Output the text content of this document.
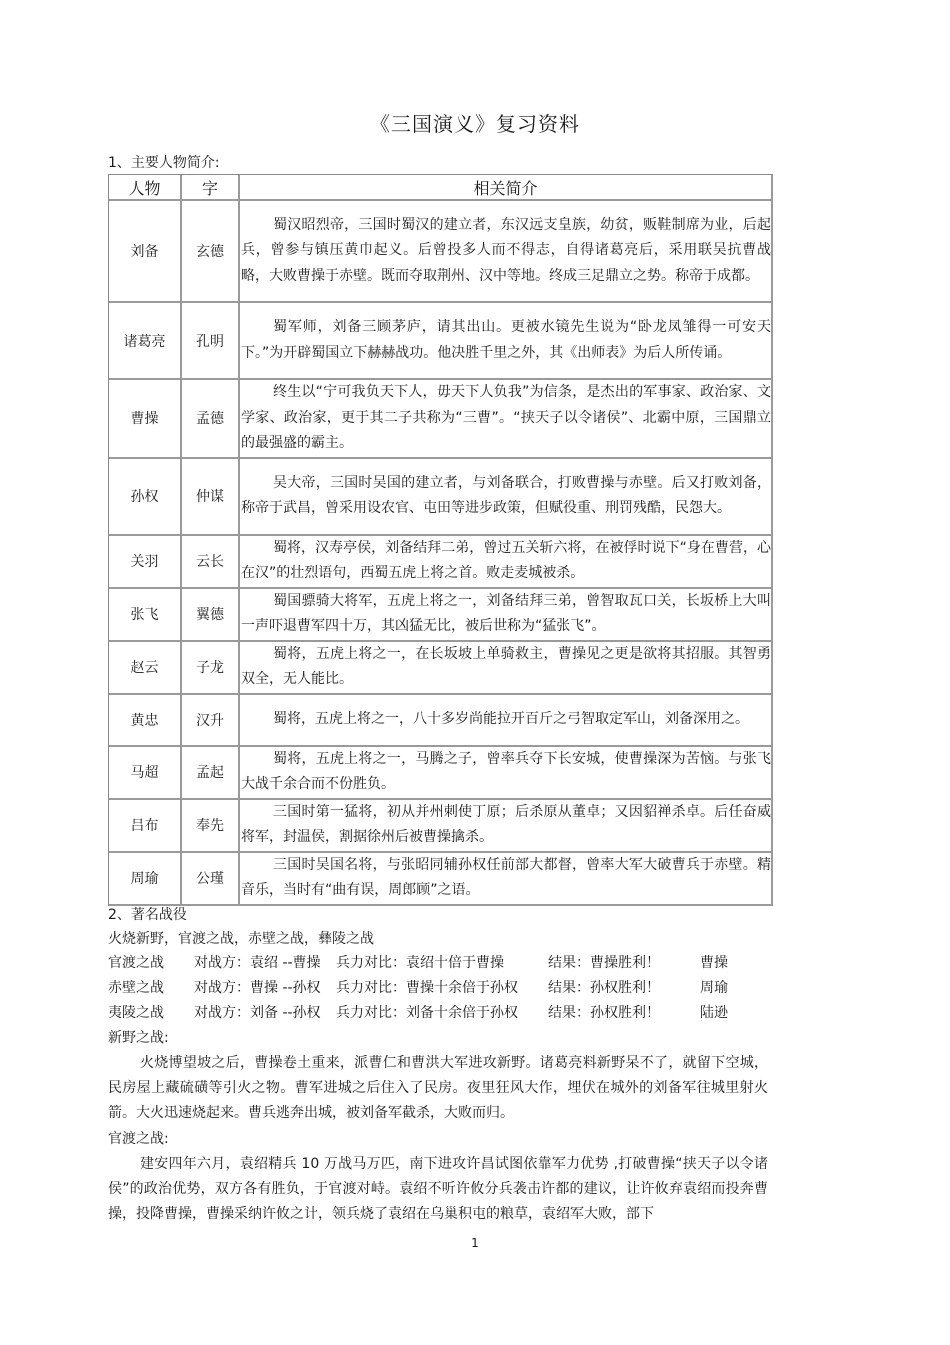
《三国演义》复习资料
1、主要人物简介:
人物	字	相关简介
刘备	玄德	蜀汉昭烈帝，三国时蜀汉的建立者，东汉远支皇族，幼贫，贩鞋制席为业，后起兵，曾参与镇压黄巾起义。后曾投多人而不得志，自得诸葛亮后，采用联吴抗曹战略，大败曹操于赤壁。既而夺取荆州、汉中等地。终成三足鼎立之势。称帝于成都。

诸葛亮	孔明	蜀军师，刘备三顾茅庐，请其出山。更被水镜先生说为“卧龙凤雏得一可安天下。”为开辟蜀国立下赫赫战功。他决胜千里之外，其《出师表》为后人所传诵。

曹操	孟德	终生以“宁可我负天下人，毋天下人负我”为信条，是杰出的军事家、政治家、文学家、政治家，更于其二子共称为“三曹”。“挟天子以令诸侯”、北霸中原，三国鼎立的最强盛的霸主。

孙权	仲谋	吴大帝，三国时吴国的建立者，与刘备联合，打败曹操与赤壁。后又打败刘备，称帝于武昌，曾采用设农官、屯田等进步政策，但赋役重、刑罚残酷，民怨大。

关羽	云长	蜀将，汉寿亭侯，刘备结拜二弟，曾过五关斩六将，在被俘时说下“身在曹营，心在汉”的壮烈语句，西蜀五虎上将之首。败走麦城被杀。

张飞	翼德	蜀国骠骑大将军，五虎上将之一，刘备结拜三弟，曾智取瓦口关，长坂桥上大叫一声吓退曹军四十万，其凶猛无比，被后世称为“猛张飞”。

赵云	子龙	蜀将，五虎上将之一，在长坂坡上单骑救主，曹操见之更是欲将其招服。其智勇双全，无人能比。

黄忠	汉升	蜀将，五虎上将之一，八十多岁尚能拉开百斤之弓智取定军山，刘备深用之。

马超	孟起	蜀将，五虎上将之一，马腾之子，曾率兵夺下长安城，使曹操深为苦恼。与张飞大战千余合而不份胜负。

吕布	奉先	三国时第一猛将，初从并州刺使丁原；后杀原从董卓；又因貂禅杀卓。后任奋威将军，封温侯，割据徐州后被曹操擒杀。

周瑜	公瑾	三国时吴国名将，与张昭同辅孙权任前部大都督，曾率大军大破曹兵于赤壁。精音乐，当时有“曲有误，周郎顾”之语。
2、著名战役
火烧新野，官渡之战，赤壁之战，彝陵之战
官渡之战 对战方：袁绍 --曹操 兵力对比：袁绍十倍于曹操	结果：曹操胜利！	曹操
赤壁之战 对战方：曹操 --孙权 兵力对比：曹操十余倍于孙权 结果：孙权胜利！	周瑜
夷陵之战 对战方：刘备 --孙权 兵力对比：刘备十余倍于孙权 结果：孙权胜利！	陆逊
新野之战:
火烧博望坡之后，曹操卷土重来，派曹仁和曹洪大军进攻新野。诸葛亮料新野呆不了，就留下空城，民房屋上藏硫磺等引火之物。曹军进城之后住入了民房。夜里狂风大作，埋伏在城外的刘备军往城里射火箭。大火迅速烧起来。曹兵逃奔出城，被刘备军截杀，大败而归。
官渡之战:
建安四年六月，袁绍精兵 10 万战马万匹，南下进攻许昌试图依靠军力优势 ,打破曹操“挟天子以令诸侯”的政治优势，双方各有胜负，于官渡对峙。袁绍不听许攸分兵袭击许都的建议，让许攸弃袁绍而投奔曹操，投降曹操，曹操采纳许攸之计，领兵烧了袁绍在乌巢积屯的粮草，袁绍军大败，部下
1
